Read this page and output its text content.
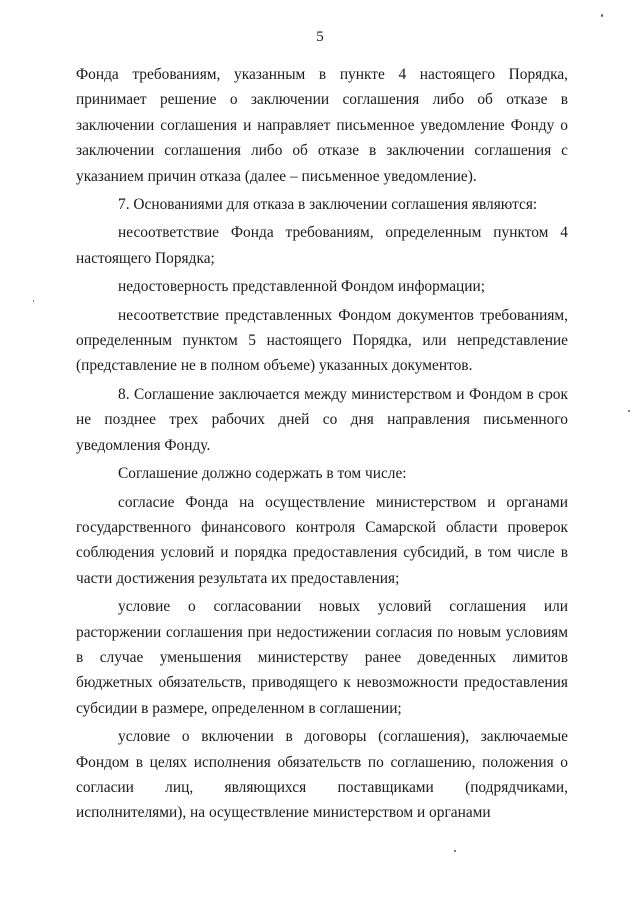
5

Фонда требованиям, указанным в пункте 4 настоящего Порядка, принимает решение о заключении соглашения либо об отказе в заключении соглашения и направляет письменное уведомление Фонду о заключении соглашения либо об отказе в заключении соглашения с указанием причин отказа (далее – письменное уведомление).

7. Основаниями для отказа в заключении соглашения являются:

несоответствие Фонда требованиям, определенным пунктом 4 настоящего Порядка;

недостоверность представленной Фондом информации;

несоответствие представленных Фондом документов требованиям, определенным пунктом 5 настоящего Порядка, или непредставление (представление не в полном объеме) указанных документов.

8. Соглашение заключается между министерством и Фондом в срок не позднее трех рабочих дней со дня направления письменного уведомления Фонду.

Соглашение должно содержать в том числе:

согласие Фонда на осуществление министерством и органами государственного финансового контроля Самарской области проверок соблюдения условий и порядка предоставления субсидий, в том числе в части достижения результата их предоставления;

условие о согласовании новых условий соглашения или расторжении соглашения при недостижении согласия по новым условиям в случае уменьшения министерству ранее доведенных лимитов бюджетных обязательств, приводящего к невозможности предоставления субсидии в размере, определенном в соглашении;

условие о включении в договоры (соглашения), заключаемые Фондом в целях исполнения обязательств по соглашению, положения о согласии лиц, являющихся поставщиками (подрядчиками, исполнителями), на осуществление министерством и органами
